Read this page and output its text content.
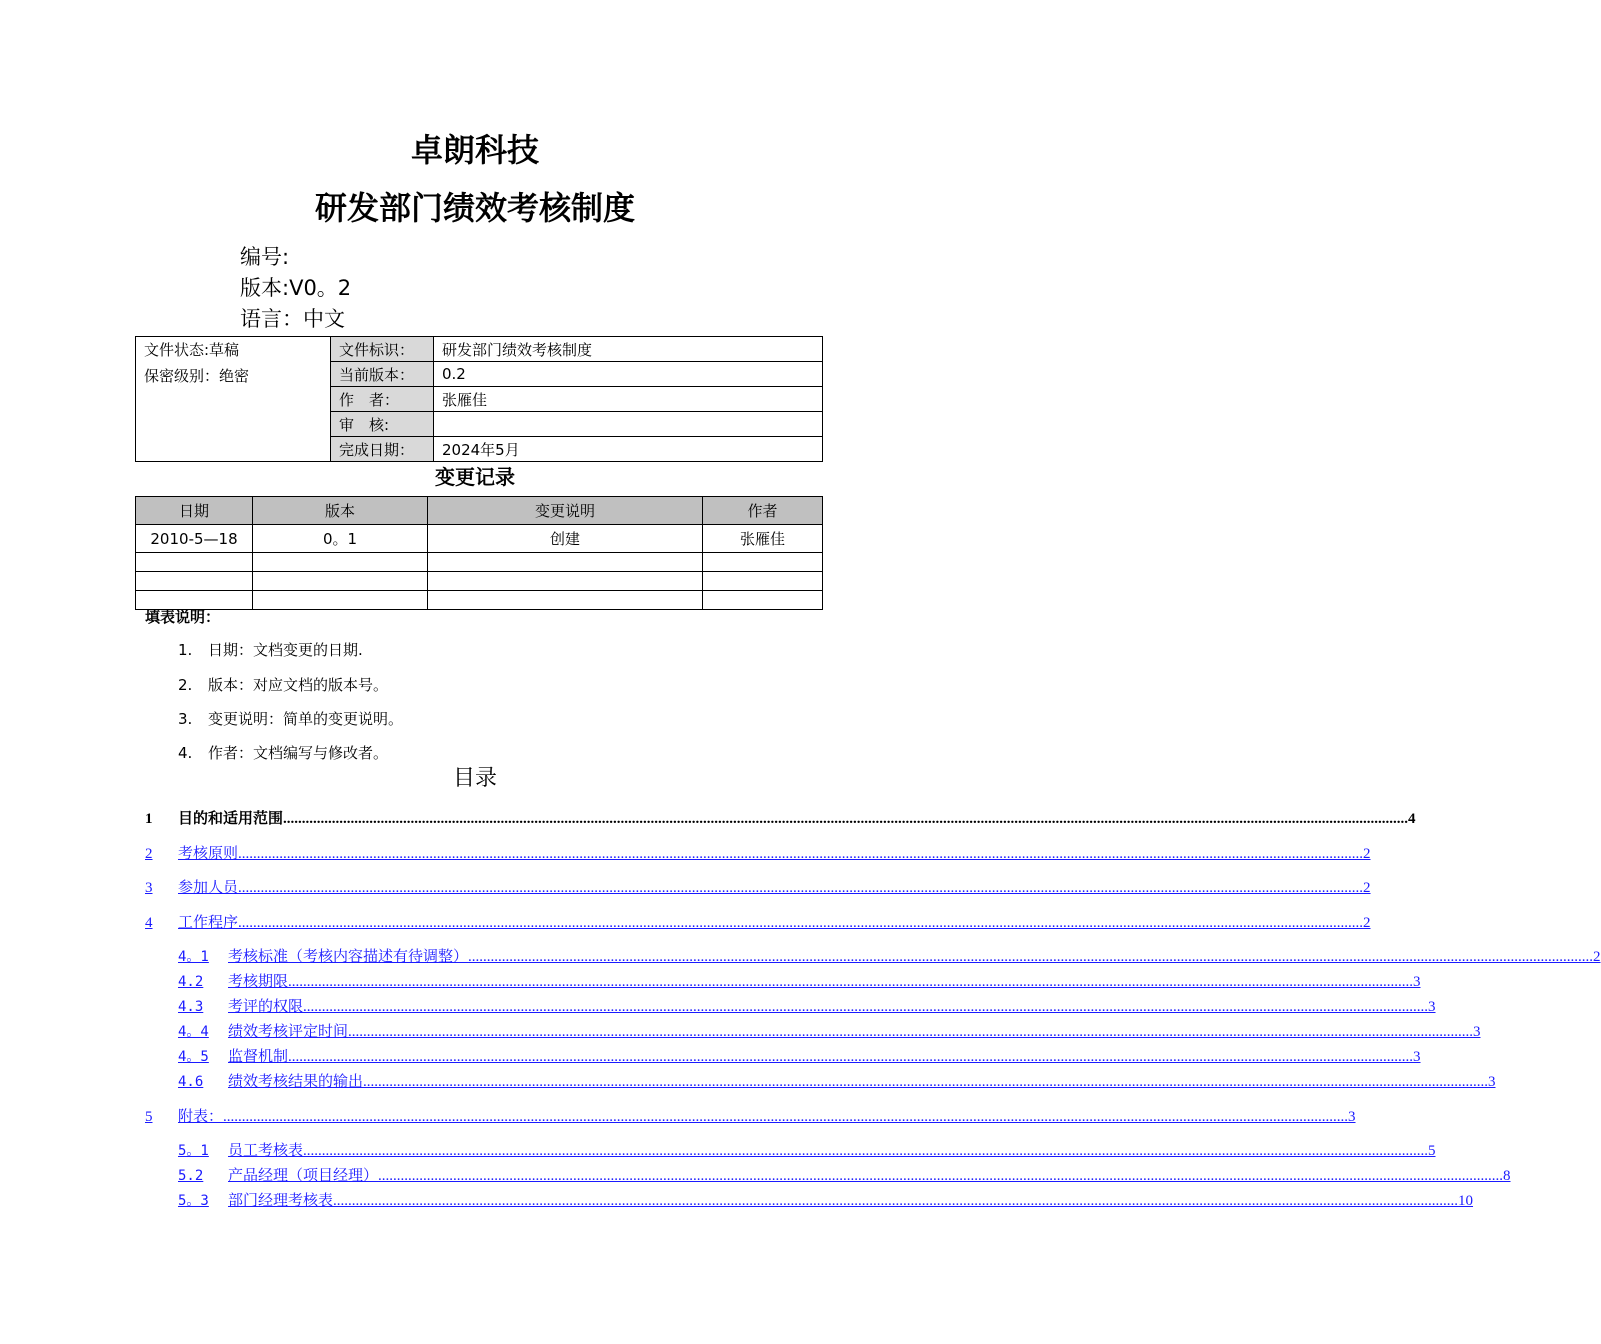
卓朗科技
研发部门绩效考核制度
编号:
版本:V0。2
语言：中文
文件状态:草稿
保密级别：绝密	文件标识：	研发部门绩效考核制度
	当前版本：	0.2
	作　者：	张雁佳
	审　核:	
	完成日期：	2024年5月
变更记录
日期	版本	变更说明	作者
2010-5—18	0。1	创建	张雁佳

填表说明：
1. 日期：文档变更的日期.
2. 版本：对应文档的版本号。
3. 变更说明：简单的变更说明。
4. 作者：文档编写与修改者。
目录
1	目的和适用范围 ............................................................................................................................................................................................................................................................................................................ 4
2	考核原则 ............................................................................................................................................................................................................................................................................................................ 2
3	参加人员 ............................................................................................................................................................................................................................................................................................................ 2
4	工作程序 ............................................................................................................................................................................................................................................................................................................ 2
4。1	考核标准（考核内容描述有待调整） ............................................................................................................................................................................................................................................................................................................ 2
4.2	考核期限 ............................................................................................................................................................................................................................................................................................................ 3
4.3	考评的权限 ............................................................................................................................................................................................................................................................................................................ 3
4。4	绩效考核评定时间 ............................................................................................................................................................................................................................................................................................................ 3
4。5	监督机制 ............................................................................................................................................................................................................................................................................................................ 3
4.6	绩效考核结果的输出 ............................................................................................................................................................................................................................................................................................................ 3
5	附表： ............................................................................................................................................................................................................................................................................................................ 3
5。1	员工考核表 ............................................................................................................................................................................................................................................................................................................ 5
5.2	产品经理（项目经理） ............................................................................................................................................................................................................................................................................................................ 8
5。3	部门经理考核表 ............................................................................................................................................................................................................................................................................................................ 10
